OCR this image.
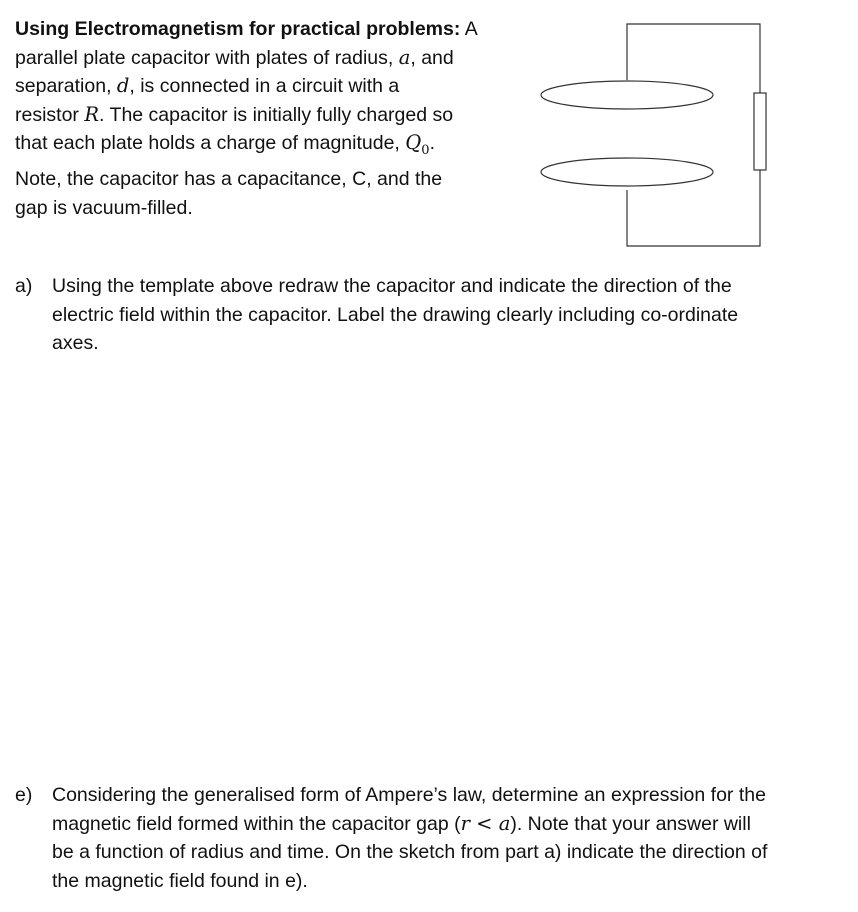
Using Electromagnetism for practical problems: A
parallel plate capacitor with plates of radius, a, and
separation, d, is connected in a circuit with a
resistor R. The capacitor is initially fully charged so
that each plate holds a charge of magnitude, $Q_0$.
Note, the capacitor has a capacitance, C, and the
gap is vacuum-filled.
a) Using the template above redraw the capacitor and indicate the direction of the
electric field within the capacitor. Label the drawing clearly including co-ordinate
axes.
e) Considering the generalised form of Ampere’s law, determine an expression for the
magnetic field formed within the capacitor gap (r < a). Note that your answer will
be a function of radius and time. On the sketch from part a) indicate the direction of
the magnetic field found in e).
